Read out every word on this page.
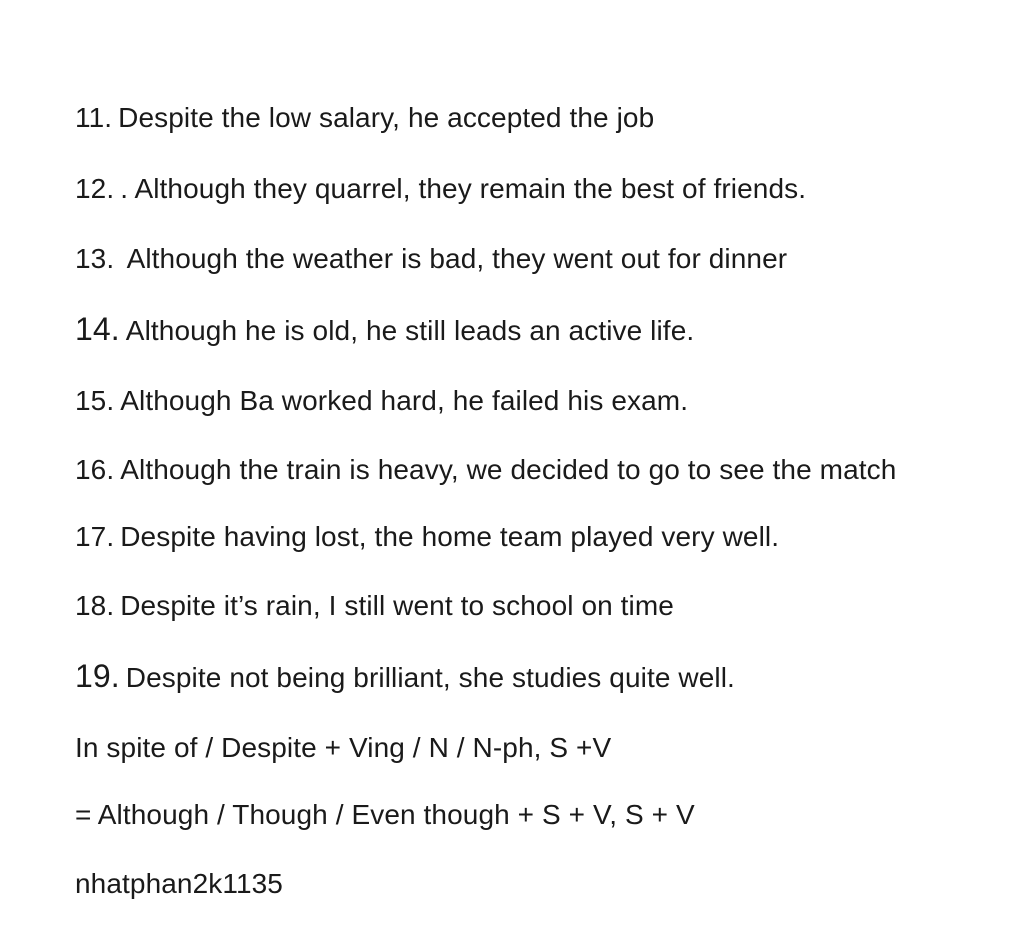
11. Despite the low salary, he accepted the job
12. . Although they quarrel, they remain the best of friends.
13. Although the weather is bad, they went out for dinner
14. Although he is old, he still leads an active life.
15. Although Ba worked hard, he failed his exam.
16. Although the train is heavy, we decided to go to see the match
17. Despite having lost, the home team played very well.
18. Despite it’s rain, I still went to school on time
19. Despite not being brilliant, she studies quite well.
In spite of / Despite + Ving / N / N-ph, S +V
= Although / Though / Even though + S + V, S + V
nhatphan2k1135
